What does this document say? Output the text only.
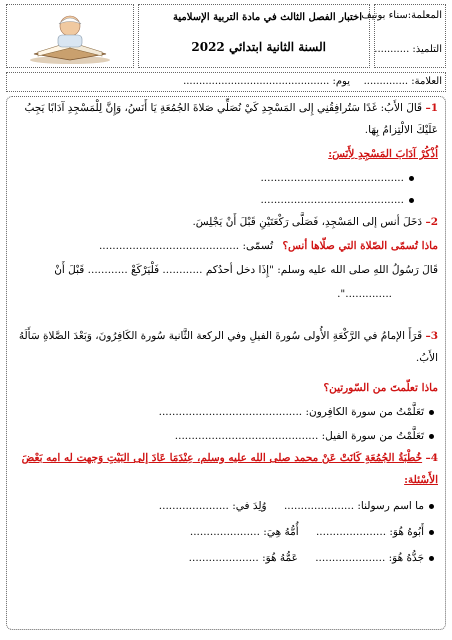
المعلمة:سناء بونيف
التلميذ: ...........
اختبار الفصل الثالث في مادة التربية الإسلامية
السنة الثانية ابتدائي 2022
العلامة: ..............
يوم: ..............................................
1– قَالَ الأَبُ: غَدًا سَتُرافِقُنِي إِلى المَسْجِدِ كَيْ نُصَلِّي صَلاةَ الجُمُعَةِ يَا أَنَسُ، وَإِنَّ لِلْمَسْجِدِ آدَابًا يَجِبُ
عَلَيْكَ الالْتِزامُ بِهَا.
اُذْكُرْ آدَابَ المَسْجِدِ لِأَنَسَ:
...........................................
...........................................
2– دَخَلَ أنس إلى المَسْجِدِ، فَصَلَّى رَكْعَتَيْنِ قَبْلَ أَنْ يَجْلِسَ.
ماذا تُسمّى الصّلاة التي صلّاها أنس؟ تُسمّى: ..........................................
قَالَ رَسُولُ اللهِ صلى الله عليه وسلم: "إِذَا دخل أحدُكم ............ فَلْيَرْكَعْ ............ قَبْلَ أَنْ
..............".
3– قَرَأَ الإمامُ في الرَّكْعَةِ الأُولى سُورةَ الفيلِ وفي الركعة الثَّانية سُورة الكَافِرُونَ، وَبَعْدَ الصَّلاةِ سَأَلَهُ
الأَبُ.
ماذا تعلّمتَ من السّورتين؟
تَعَلَّمْتُ من سورة الكافِرون: ...........................................
تَعَلَّمْتُ من سورة الفيل: ...........................................
4– خُطْبَةُ الجُمُعَةِ كَانَتْ عَنْ محمد صلى الله عليه وسلم، عِنْدَمَا عَادَ إلى البَيْتِ وَجهت له امه بَعْضَ
الأَسْئلة:
ما اسم رسولنا: ..................... وُلِدَ في: .....................
أَبُوهُ هُوَ: ..................... أُمُّهُ هِيَ: .....................
جَدُّهُ هُوَ: ..................... عَمُّهُ هُوَ: .....................
